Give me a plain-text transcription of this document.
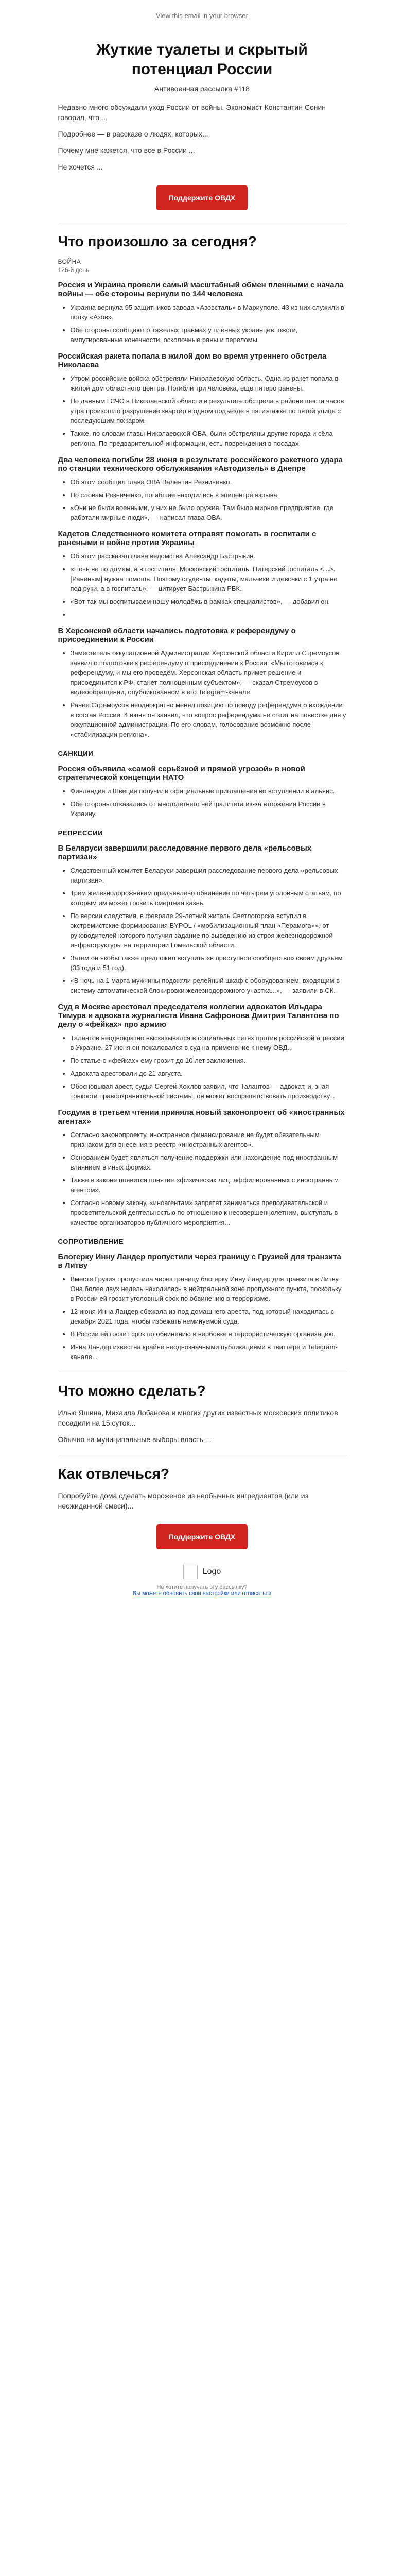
View this email in your browser
Жуткие туалеты и скрытый потенциал России

Антивоенная рассылка #118

Недавно много обсуждали уход России от войны. Экономист Константин Сонин говорил, что ...

Подробнее — в рассказе о людях, которых...

Почему мне кажется, что все в России ...

Не хочется ...

Поддержите ОВДХ
Что произошло за сегодня?
ВОЙНА
126-й день
Россия и Украина провели самый масштабный обмен пленными с начала войны — обе стороны вернули по 144 человека
• Украина вернула 95 защитников завода «Азовсталь» в Мариуполе. 43 из них служили в полку «Азов».
• Обе стороны сообщают о тяжелых травмах у пленных украинцев: ожоги, ампутированные конечности, осколочные раны и переломы.
Российская ракета попала в жилой дом во время утреннего обстрела Николаева
• Утром российские войска обстреляли Николаевскую область. Одна из ракет попала в жилой дом областного центра. Погибли три человека, ещё пятеро ранены.
• По данным ГСЧС в Николаевской области в результате обстрела в районе шести часов утра произошло разрушение квартир в одном подъезде в пятиэтажке по пятой улице с последующим пожаром.
• Также, по словам главы Николаевской ОВА, были обстреляны другие города и сёла региона. По предварительной информации, есть повреждения в посадах.
Два человека погибли 28 июня в результате российского ракетного удара по станции технического обслуживания «Автодизель» в Днепре
• Об этом сообщил глава ОВА Валентин Резниченко.
• По словам Резниченко, погибшие находились в эпицентре взрыва.
• «Они не были военными, у них не было оружия. Там было мирное предприятие, где работали мирные люди», — написал глава ОВА.
Кадетов Следственного комитета отправят помогать в госпитали с ранеными в войне против Украины
• Об этом рассказал глава ведомства Александр Бастрыкин.
• «Ночь не по домам, а в госпиталя. Московский госпиталь. Питерский госпиталь <...>. [Раненым] нужна помощь. Поэтому студенты, кадеты, мальчики и девочки с 1 утра не под руки, а в госпиталь», — цитирует Бастрыкина РБК.
• «Вот так мы воспитываем нашу молодёжь в рамках специалистов», — добавил он.
•
В Херсонской области начались подготовка к референдуму о присоединении к России
• Заместитель оккупационной Администрации Херсонской области Кирилл Стремоусов заявил о подготовке к референдуму о присоединении к России: «Мы готовимся к референдуму, и мы его проведём. Херсонская область примет решение и присоединится к РФ, станет полноценным субъектом», — сказал Стремоусов в видеообращении, опубликованном в его Telegram-канале.
• Ранее Стремоусов неоднократно менял позицию по поводу референдума о вхождении в состав России. 4 июня он заявил, что вопрос референдума не стоит на повестке дня у оккупационной администрации. По его словам, голосование возможно после «стабилизации региона».
САНКЦИИ
Россия объявила «самой серьёзной и прямой угрозой» в новой стратегической концепции НАТО
• Финляндия и Швеция получили официальные приглашения во вступлении в альянс.
• Обе стороны отказались от многолетнего нейтралитета из-за вторжения России в Украину.
РЕПРЕССИИ
В Беларуси завершили расследование первого дела «рельсовых партизан»
• Следственный комитет Беларуси завершил расследование первого дела «рельсовых партизан».
• Трём железнодорожникам предъявлено обвинение по четырём уголовным статьям, по которым им может грозить смертная казнь.
• По версии следствия, в феврале 29-летний житель Светлогорска вступил в экстремистские формирования BYPOL / «мобилизационный план «Перамога»», от руководителей которого получил задание по выведению из строя железнодорожной инфраструктуры на территории Гомельской области.
• Затем он якобы также предложил вступить «в преступное сообщество» своим друзьям (33 года и 51 год).
• «В ночь на 1 марта мужчины подожгли релейный шкаф с оборудованием, входящим в систему автоматической блокировки железнодорожного участка...», — заявили в СК.
Суд в Москве арестовал председателя коллегии адвокатов Ильдара Тимура и адвоката журналиста Ивана Сафронова Дмитрия Талантова по делу о «фейках» про армию
• Талантов неоднократно высказывался в социальных сетях против российской агрессии в Украине. 27 июня он пожаловался в суд на применение к нему ОВД...
• По статье о «фейках» ему грозит до 10 лет заключения.
• Адвоката арестовали до 21 августа.
• Обосновывая арест, судья Сергей Хохлов заявил, что Талантов — адвокат, и, зная тонкости правоохранительной системы, он может воспрепятствовать производству...
Госдума в третьем чтении приняла новый законопроект об «иностранных агентах»
• Согласно законопроекту, иностранное финансирование не будет обязательным признаком для внесения в реестр «иностранных агентов».
• Основанием будет являться получение поддержки или нахождение под иностранным влиянием в иных формах.
• Также в законе появится понятие «физических лиц, аффилированных с иностранным агентом».
• Согласно новому закону, «иноагентам» запретят заниматься преподавательской и просветительской деятельностью по отношению к несовершеннолетним, выступать в качестве организаторов публичного мероприятия...
СОПРОТИВЛЕНИЕ
Блогерку Инну Ландер пропустили через границу с Грузией для транзита в Литву
• Вместе Грузия пропустила через границу блогерку Инну Ландер для транзита в Литву. Она более двух недель находилась в нейтральной зоне пропускного пункта, поскольку в России ей грозит уголовный срок по обвинению в терроризме.
• 12 июня Инна Ландер сбежала из-под домашнего ареста, под который находилась с декабря 2021 года, чтобы избежать неминуемой суда.
• В России ей грозит срок по обвинению в вербовке в террористическую организацию.
• Инна Ландер известна крайне неоднозначными публикациями в твиттере и Telegram-канале...
Что можно сделать?

Илью Яшина, Михаила Лобанова и многих других известных московских политиков посадили на 15 суток...

Обычно на муниципальные выборы власть ...

Как отвлечься?

Попробуйте дома сделать мороженое из необычных ингредиентов (или из неожиданной смеси)...

Поддержите ОВДХ
Logo
Не хотите получать эту рассылку?
Вы можете обновить свои настройки или отписаться
